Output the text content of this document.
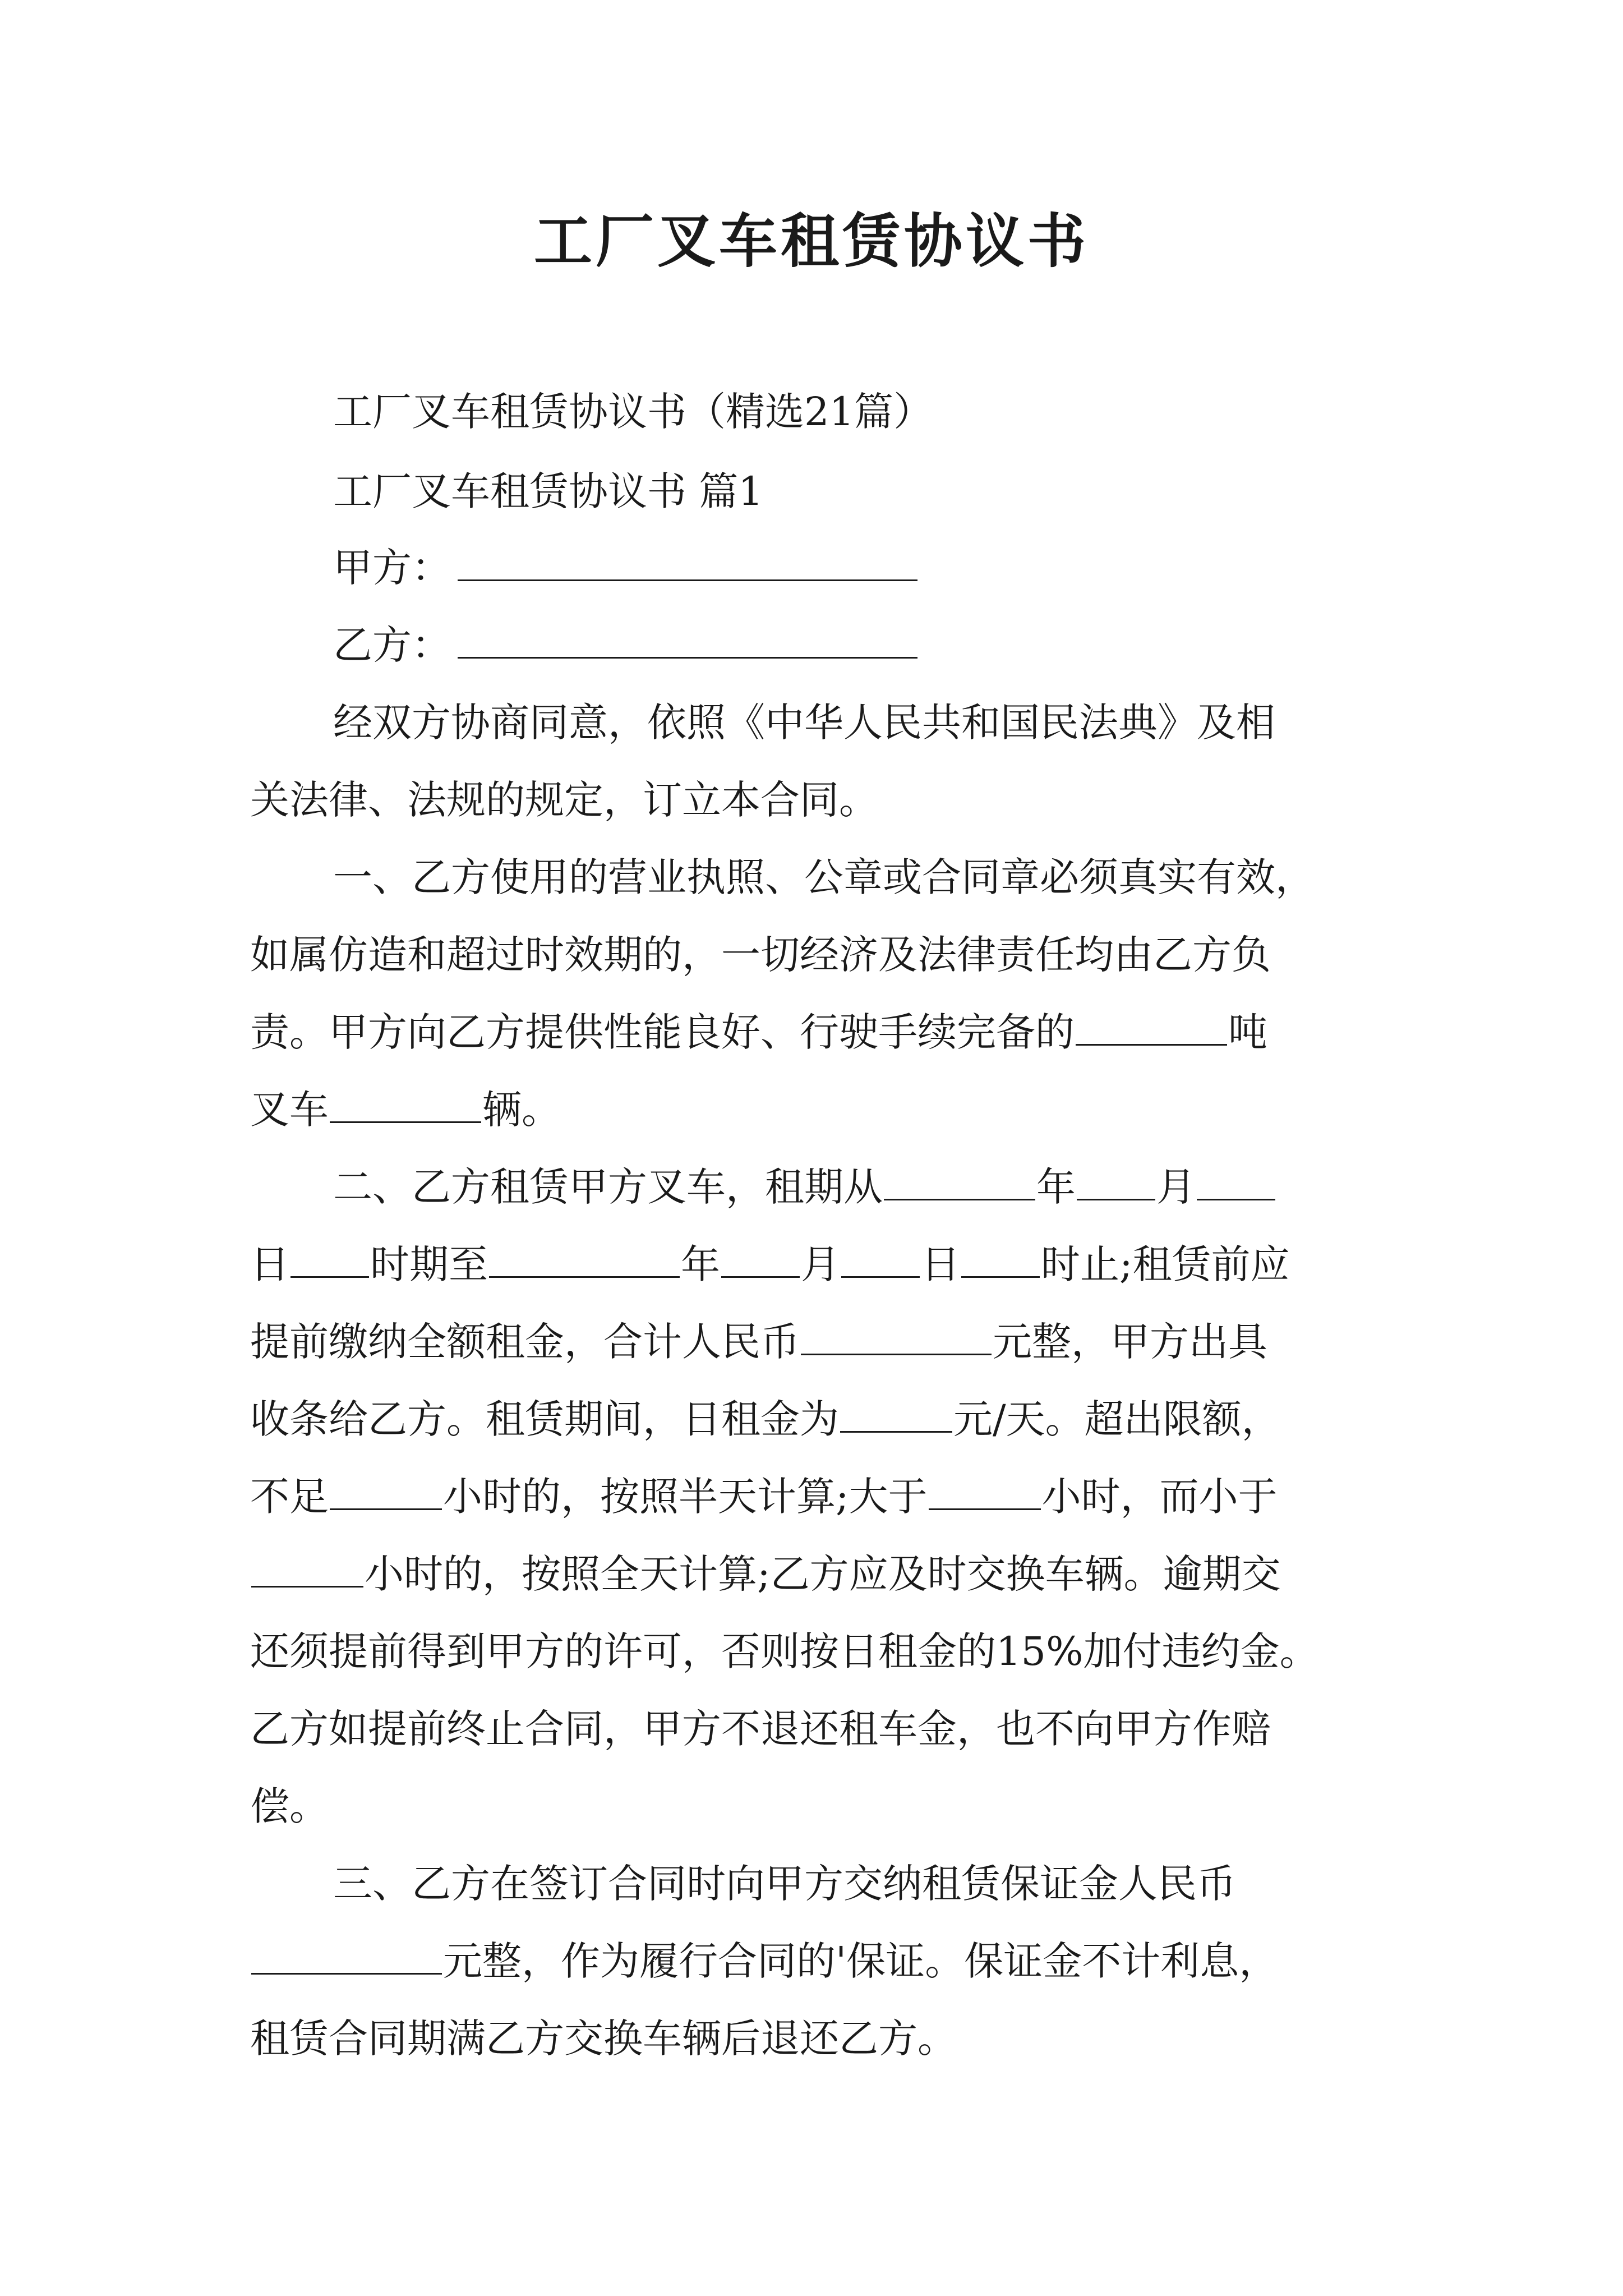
工厂叉车租赁协议书
工厂叉车租赁协议书（精选21篇）
工厂叉车租赁协议书 篇1
甲方：
乙方：
经双方协商同意，依照《中华人民共和国民法典》及相
关法律、法规的规定，订立本合同。
一、乙方使用的营业执照、公章或合同章必须真实有效，
如属仿造和超过时效期的，一切经济及法律责任均由乙方负
责。甲方向乙方提供性能良好、行驶手续完备的	吨
叉车	辆。
二、乙方租赁甲方叉车，租期从	年 月
日 时期至	年 月 日 时止;租赁前应
提前缴纳全额租金，合计人民币	元整，甲方出具
收条给乙方。租赁期间，日租金为	元/天。超出限额，
不足	小时的，按照半天计算;大于	小时，而小于
小时的，按照全天计算;乙方应及时交换车辆。逾期交
还须提前得到甲方的许可，否则按日租金的15%加付违约金。
乙方如提前终止合同，甲方不退还租车金，也不向甲方作赔
偿。
三、乙方在签订合同时向甲方交纳租赁保证金人民币
元整，作为履行合同的'保证。保证金不计利息，
租赁合同期满乙方交换车辆后退还乙方。
